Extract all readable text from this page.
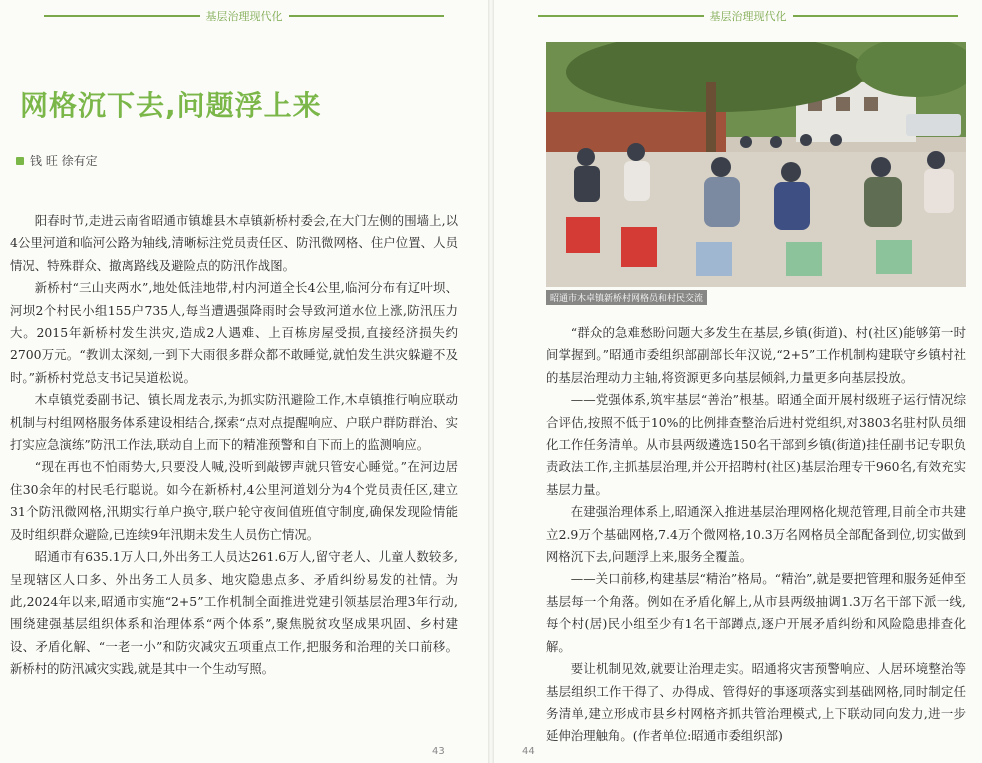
基层治理现代化
网格沉下去,问题浮上来
钱 旺 徐有定

阳春时节,走进云南省昭通市镇雄县木卓镇新桥村委会,在大门左侧的围墙上,以4公里河道和临河公路为轴线,清晰标注党员责任区、防汛微网格、住户位置、人员情况、特殊群众、撤离路线及避险点的防汛作战图。

新桥村“三山夹两水”,地处低洼地带,村内河道全长4公里,临河分布有辽叶坝、河坝2个村民小组155户735人,每当遭遇强降雨时会导致河道水位上涨,防汛压力大。2015年新桥村发生洪灾,造成2人遇难、上百栋房屋受损,直接经济损失约2700万元。“教训太深刻,一到下大雨很多群众都不敢睡觉,就怕发生洪灾躲避不及时。”新桥村党总支书记吴道松说。

木卓镇党委副书记、镇长周龙表示,为抓实防汛避险工作,木卓镇推行响应联动机制与村组网格服务体系建设相结合,探索“点对点提醒响应、户联户群防群治、实打实应急演练”防汛工作法,联动自上而下的精准预警和自下而上的监测响应。

“现在再也不怕雨势大,只要没人喊,没听到敲锣声就只管安心睡觉。”在河边居住30余年的村民毛行聪说。如今在新桥村,4公里河道划分为4个党员责任区,建立31个防汛微网格,汛期实行单户换守,联户轮守夜间值班值守制度,确保发现险情能及时组织群众避险,已连续9年汛期未发生人员伤亡情况。

昭通市有635.1万人口,外出务工人员达261.6万人,留守老人、儿童人数较多,呈现辖区人口多、外出务工人员多、地灾隐患点多、矛盾纠纷易发的社情。为此,2024年以来,昭通市实施“2+5”工作机制全面推进党建引领基层治理3年行动,围绕建强基层组织体系和治理体系“两个体系”,聚焦脱贫攻坚成果巩固、乡村建设、矛盾化解、“一老一小”和防灾减灾五项重点工作,把服务和治理的关口前移。新桥村的防汛减灾实践,就是其中一个生动写照。

43
基层治理现代化
昭通市木卓镇新桥村网格员和村民交流

“群众的急难愁盼问题大多发生在基层,乡镇(街道)、村(社区)能够第一时间掌握到。”昭通市委组织部副部长年汉说,“2+5”工作机制构建联守乡镇村社的基层治理动力主轴,将资源更多向基层倾斜,力量更多向基层投放。

——党强体系,筑牢基层“善治”根基。昭通全面开展村级班子运行情况综合评估,按照不低于10%的比例排查整治后进村党组织,对3803名驻村队员细化工作任务清单。从市县两级遴选150名干部到乡镇(街道)挂任副书记专职负责政法工作,主抓基层治理,并公开招聘村(社区)基层治理专干960名,有效充实基层力量。

在建强治理体系上,昭通深入推进基层治理网格化规范管理,目前全市共建立2.9万个基础网格,7.4万个微网格,10.3万名网格员全部配备到位,切实做到网格沉下去,问题浮上来,服务全覆盖。

——关口前移,构建基层“精治”格局。“精治”,就是要把管理和服务延伸至基层每一个角落。例如在矛盾化解上,从市县两级抽调1.3万名干部下派一线,每个村(居)民小组至少有1名干部蹲点,逐户开展矛盾纠纷和风险隐患排查化解。

要让机制见效,就要让治理走实。昭通将灾害预警响应、人居环境整治等基层组织工作干得了、办得成、管得好的事逐项落实到基础网格,同时制定任务清单,建立形成市县乡村网格齐抓共管治理模式,上下联动同向发力,进一步延伸治理触角。(作者单位:昭通市委组织部)

44
